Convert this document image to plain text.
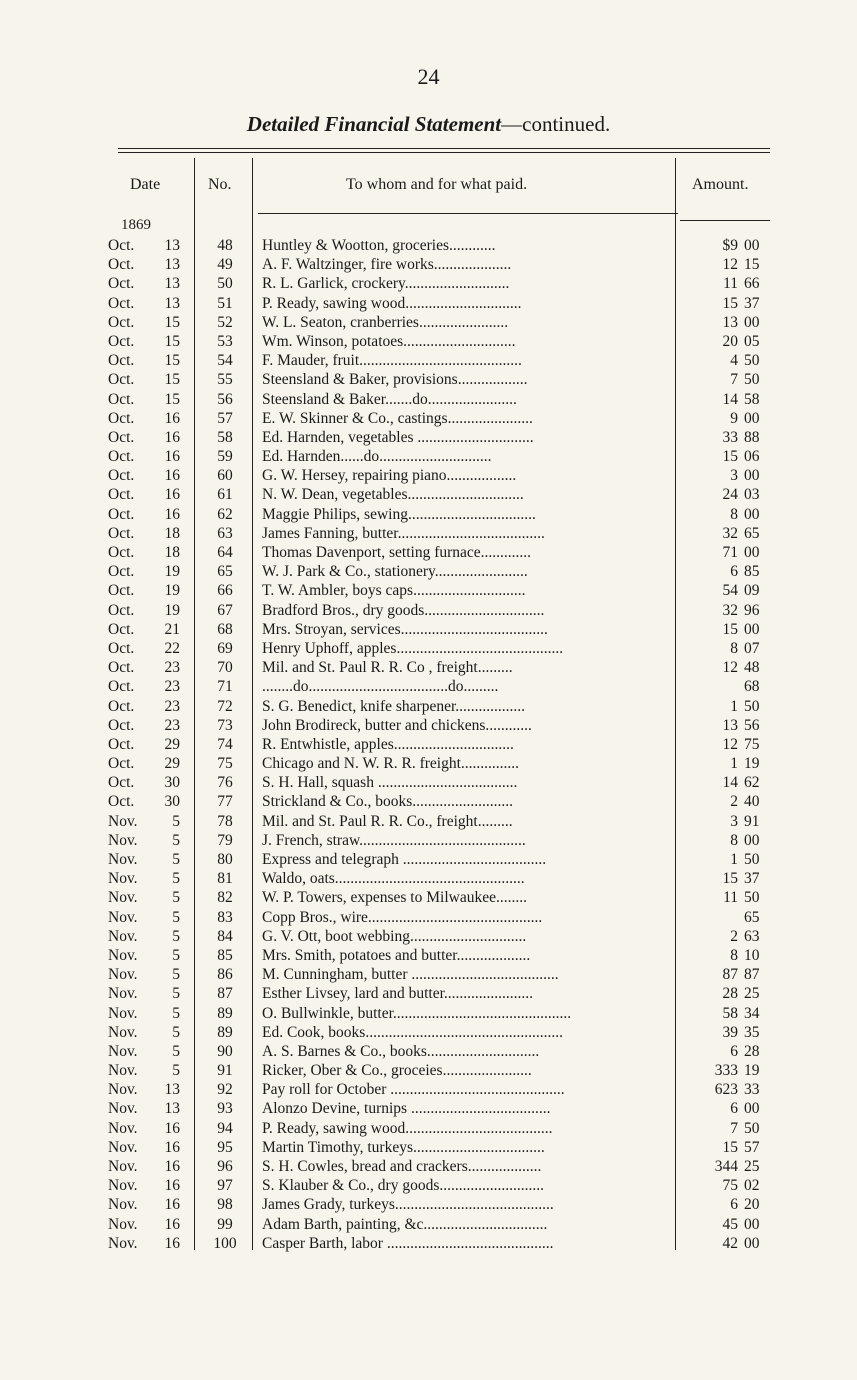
24
Detailed Financial Statement—continued.
Date	No.	To whom and for what paid.	Amount.
1869
Oct.	13	48	Huntley & Wootton, groceries............	$9 00
Oct.	13	49	A. F. Waltzinger, fire works....................	12 15
Oct.	13	50	R. L. Garlick, crockery...........................	11 66
Oct.	13	51	P. Ready, sawing wood..............................	15 37
Oct.	15	52	W. L. Seaton, cranberries.......................	13 00
Oct.	15	53	Wm. Winson, potatoes.............................	20 05
Oct.	15	54	F. Mauder, fruit..........................................	4 50
Oct.	15	55	Steensland & Baker, provisions..................	7 50
Oct.	15	56	Steensland & Baker.......do.......................	14 58
Oct.	16	57	E. W. Skinner & Co., castings......................	9 00
Oct.	16	58	Ed. Harnden, vegetables ..............................	33 88
Oct.	16	59	Ed. Harnden......do.............................	15 06
Oct.	16	60	G. W. Hersey, repairing piano..................	3 00
Oct.	16	61	N. W. Dean, vegetables..............................	24 03
Oct.	16	62	Maggie Philips, sewing.................................	8 00
Oct.	18	63	James Fanning, butter......................................	32 65
Oct.	18	64	Thomas Davenport, setting furnace.............	71 00
Oct.	19	65	W. J. Park & Co., stationery........................	6 85
Oct.	19	66	T. W. Ambler, boys caps.............................	54 09
Oct.	19	67	Bradford Bros., dry goods...............................	32 96
Oct.	21	68	Mrs. Stroyan, services......................................	15 00
Oct.	22	69	Henry Uphoff, apples...........................................	8 07
Oct.	23	70	Mil. and St. Paul R. R. Co , freight.........	12 48
Oct.	23	71	........do....................................do.........	68
Oct.	23	72	S. G. Benedict, knife sharpener..................	1 50
Oct.	23	73	John Brodireck, butter and chickens............	13 56
Oct.	29	74	R. Entwhistle, apples...............................	12 75
Oct.	29	75	Chicago and N. W. R. R. freight...............	1 19
Oct.	30	76	S. H. Hall, squash ....................................	14 62
Oct.	30	77	Strickland & Co., books..........................	2 40
Nov.	5	78	Mil. and St. Paul R. R. Co., freight.........	3 91
Nov.	5	79	J. French, straw...........................................	8 00
Nov.	5	80	Express and telegraph .....................................	1 50
Nov.	5	81	Waldo, oats.................................................	15 37
Nov.	5	82	W. P. Towers, expenses to Milwaukee........	11 50
Nov.	5	83	Copp Bros., wire.............................................	65
Nov.	5	84	G. V. Ott, boot webbing..............................	2 63
Nov.	5	85	Mrs. Smith, potatoes and butter...................	8 10
Nov.	5	86	M. Cunningham, butter ......................................	87 87
Nov.	5	87	Esther Livsey, lard and butter.......................	28 25
Nov.	5	89	O. Bullwinkle, butter..............................................	58 34
Nov.	5	89	Ed. Cook, books...................................................	39 35
Nov.	5	90	A. S. Barnes & Co., books.............................	6 28
Nov.	5	91	Ricker, Ober & Co., groceies.......................	333 19
Nov.	13	92	Pay roll for October .............................................	623 33
Nov.	13	93	Alonzo Devine, turnips ....................................	6 00
Nov.	16	94	P. Ready, sawing wood......................................	7 50
Nov.	16	95	Martin Timothy, turkeys..................................	15 57
Nov.	16	96	S. H. Cowles, bread and crackers...................	344 25
Nov.	16	97	S. Klauber & Co., dry goods...........................	75 02
Nov.	16	98	James Grady, turkeys.........................................	6 20
Nov.	16	99	Adam Barth, painting, &c................................	45 00
Nov.	16	100	Casper Barth, labor ...........................................	42 00
